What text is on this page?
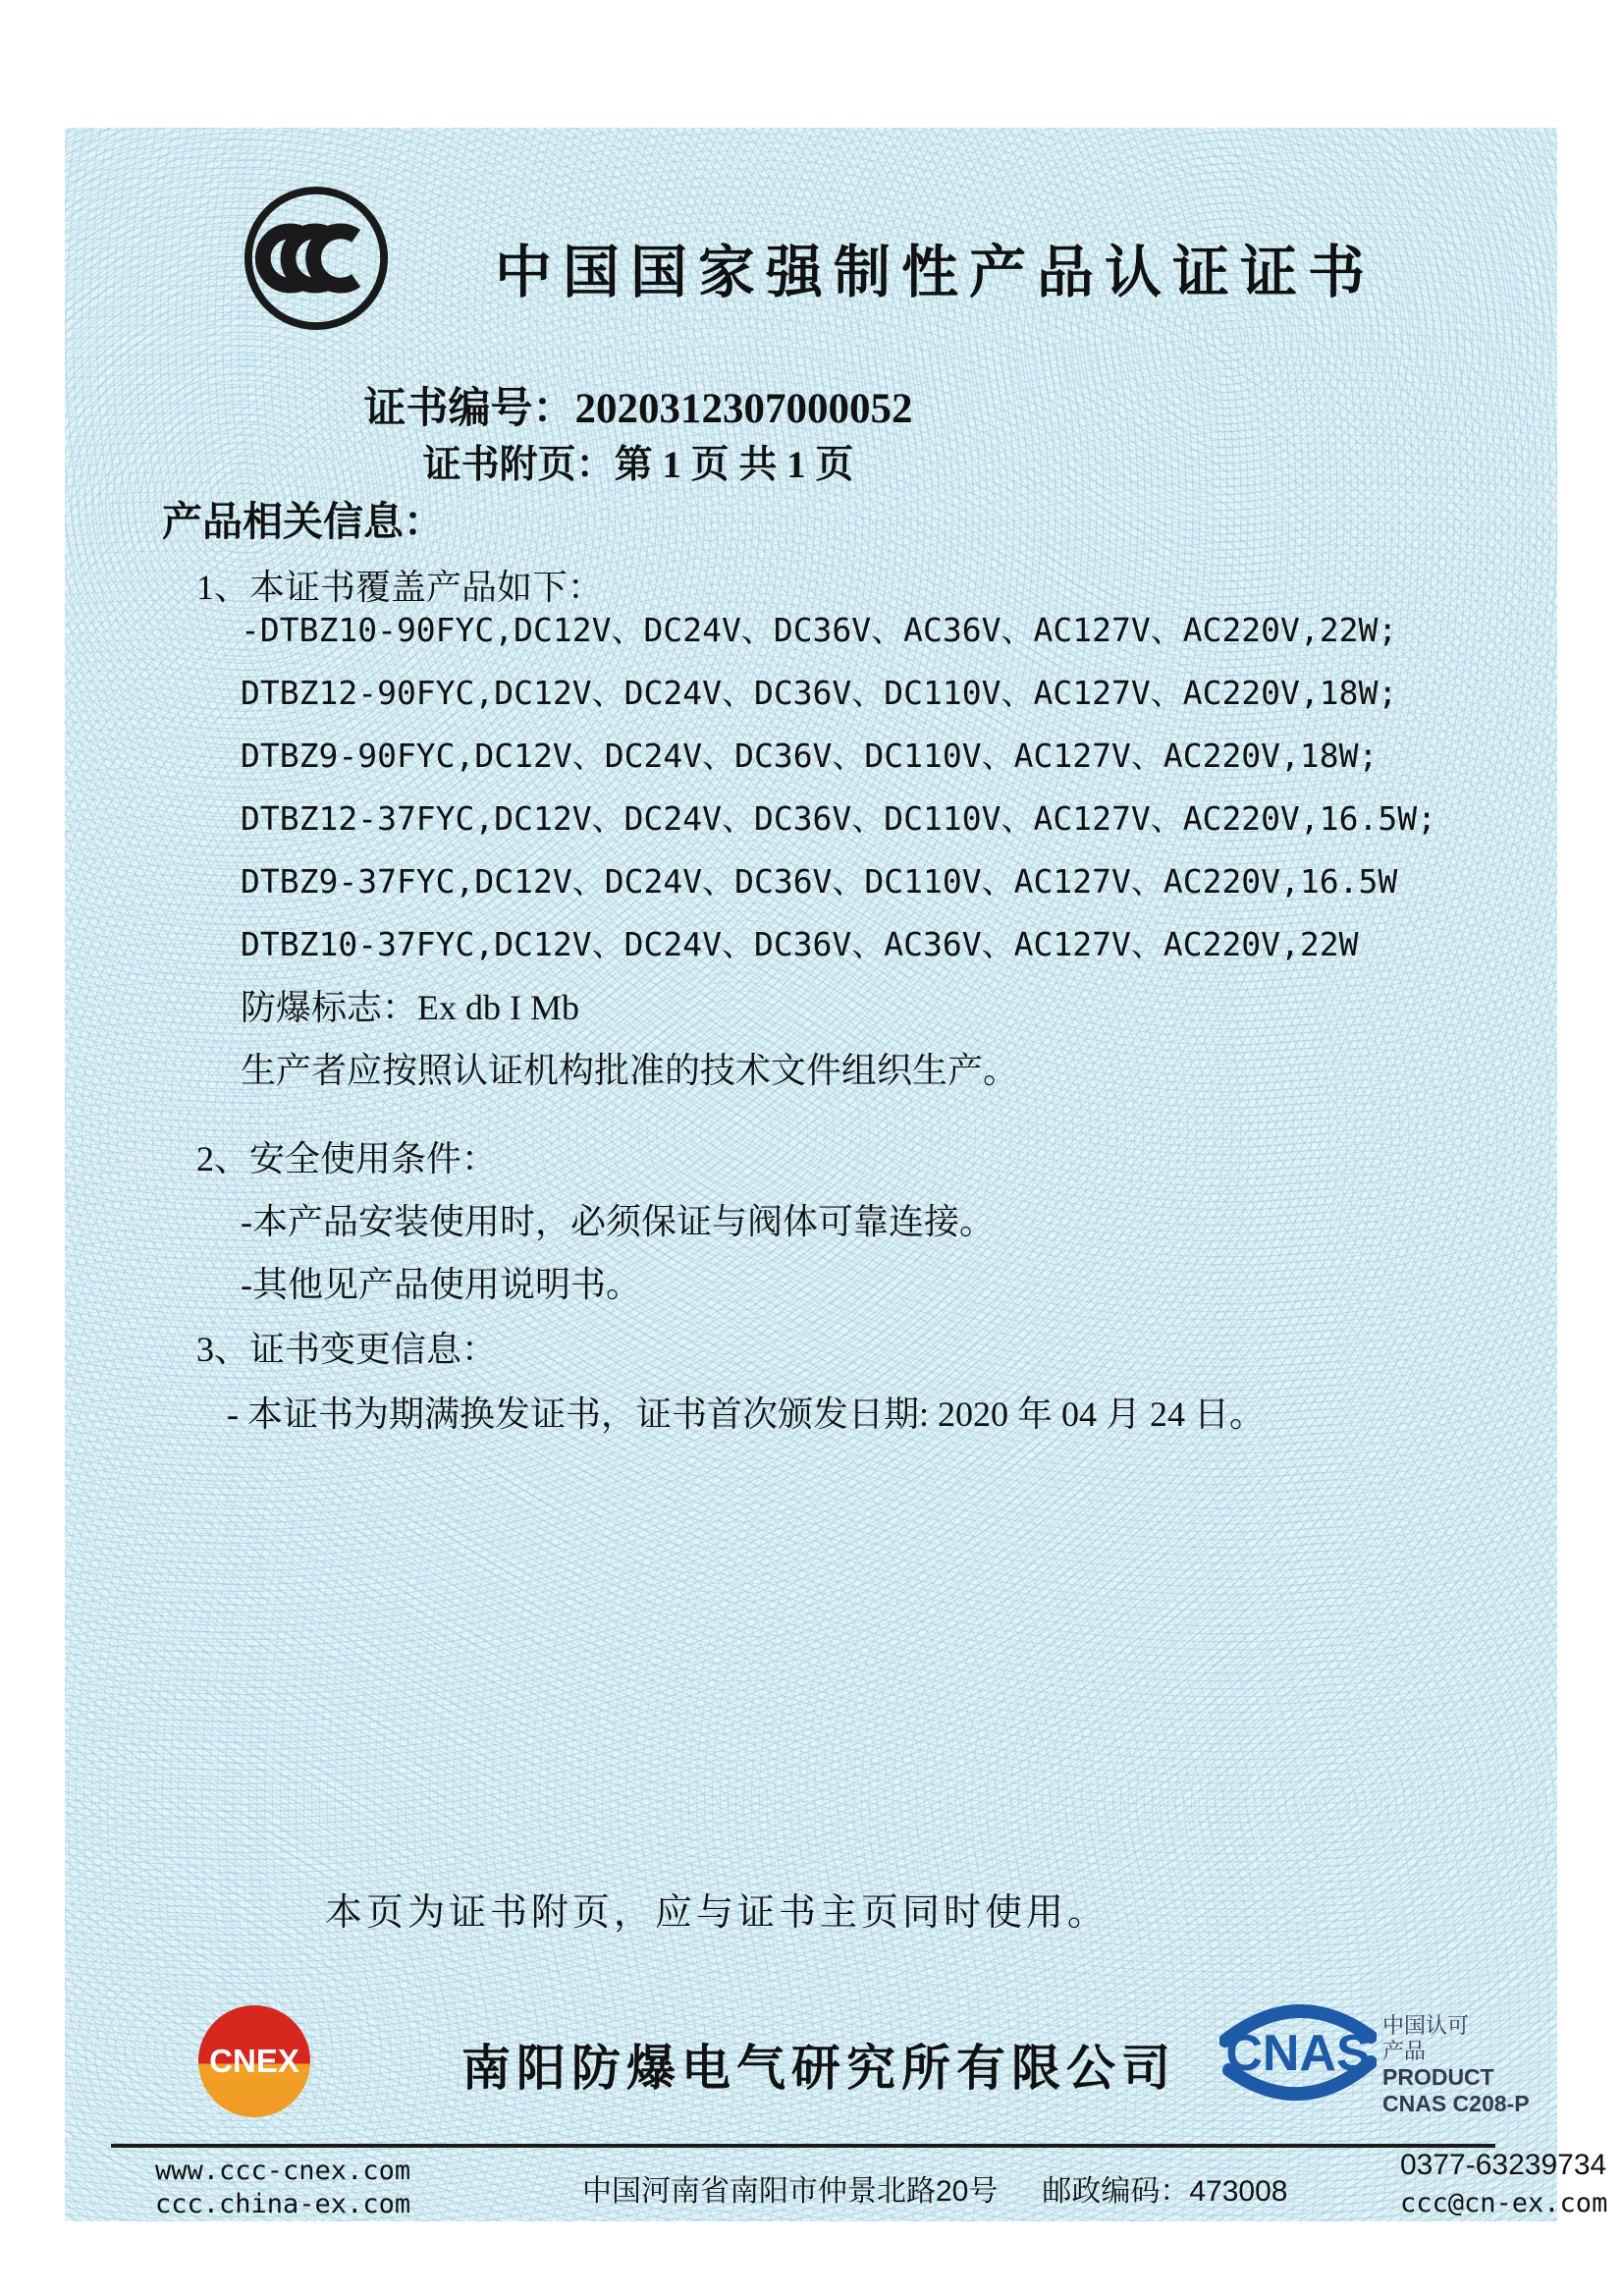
中国国家强制性产品认证证书
证书编号：2020312307000052
证书附页：第 1 页 共 1 页
产品相关信息：
1、本证书覆盖产品如下：
-DTBZ10-90FYC,DC12V、DC24V、DC36V、AC36V、AC127V、AC220V,22W;
DTBZ12-90FYC,DC12V、DC24V、DC36V、DC110V、AC127V、AC220V,18W;
DTBZ9-90FYC,DC12V、DC24V、DC36V、DC110V、AC127V、AC220V,18W;
DTBZ12-37FYC,DC12V、DC24V、DC36V、DC110V、AC127V、AC220V,16.5W;
DTBZ9-37FYC,DC12V、DC24V、DC36V、DC110V、AC127V、AC220V,16.5W
DTBZ10-37FYC,DC12V、DC24V、DC36V、AC36V、AC127V、AC220V,22W
防爆标志：Ex db I Mb
生产者应按照认证机构批准的技术文件组织生产。
2、安全使用条件：
-本产品安装使用时，必须保证与阀体可靠连接。
-其他见产品使用说明书。
3、证书变更信息：
- 本证书为期满换发证书，证书首次颁发日期: 2020 年 04 月 24 日。
本页为证书附页，应与证书主页同时使用。
CNEX	南阳防爆电气研究所有限公司 CNAS 中国认可
产品
PRODUCT
CNAS C208-P
www.ccc-cnex.com
ccc.china-ex.com	中国河南省南阳市仲景北路20号 邮政编码：473008
0377-63239734
ccc@cn-ex.com
